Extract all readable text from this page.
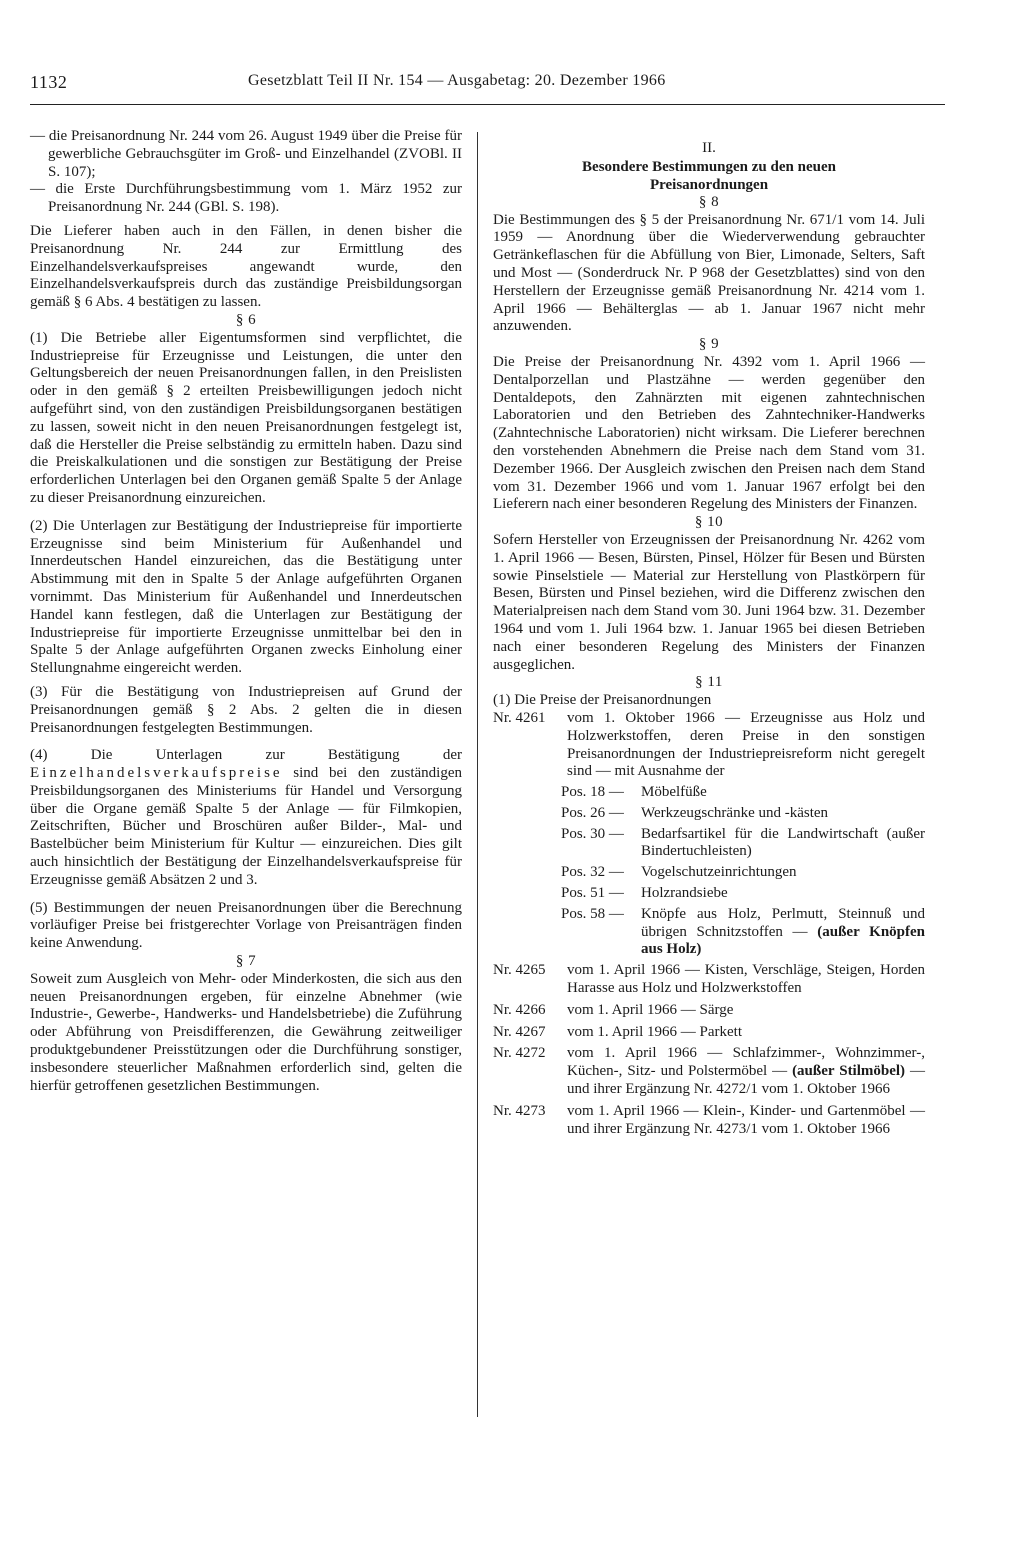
1132	Gesetzblatt Teil II Nr. 154 — Ausgabetag: 20. Dezember 1966

— die Preisanordnung Nr. 244 vom 26. August 1949 über die Preise für gewerbliche Gebrauchsgüter im Groß- und Einzelhandel (ZVOBl. II S. 107);

— die Erste Durchführungsbestimmung vom 1. März 1952 zur Preisanordnung Nr. 244 (GBl. S. 198).

Die Lieferer haben auch in den Fällen, in denen bisher die Preisanordnung Nr. 244 zur Ermittlung des Einzelhandelsverkaufspreises angewandt wurde, den Einzelhandelsverkaufspreis durch das zuständige Preisbildungsorgan gemäß § 6 Abs. 4 bestätigen zu lassen.

§ 6

(1) Die Betriebe aller Eigentumsformen sind verpflichtet, die Industriepreise für Erzeugnisse und Leistungen, die unter den Geltungsbereich der neuen Preisanordnungen fallen, in den Preislisten oder in den gemäß § 2 erteilten Preisbewilligungen jedoch nicht aufgeführt sind, von den zuständigen Preisbildungsorganen bestätigen zu lassen, soweit nicht in den neuen Preisanordnungen festgelegt ist, daß die Hersteller die Preise selbständig zu ermitteln haben. Dazu sind die Preiskalkulationen und die sonstigen zur Bestätigung der Preise erforderlichen Unterlagen bei den Organen gemäß Spalte 5 der Anlage zu dieser Preisanordnung einzureichen.

(2) Die Unterlagen zur Bestätigung der Industriepreise für importierte Erzeugnisse sind beim Ministerium für Außenhandel und Innerdeutschen Handel einzureichen, das die Bestätigung unter Abstimmung mit den in Spalte 5 der Anlage aufgeführten Organen vornimmt. Das Ministerium für Außenhandel und Innerdeutschen Handel kann festlegen, daß die Unterlagen zur Bestätigung der Industriepreise für importierte Erzeugnisse unmittelbar bei den in Spalte 5 der Anlage aufgeführten Organen zwecks Einholung einer Stellungnahme eingereicht werden.

(3) Für die Bestätigung von Industriepreisen auf Grund der Preisanordnungen gemäß § 2 Abs. 2 gelten die in diesen Preisanordnungen festgelegten Bestimmungen.

(4) Die Unterlagen zur Bestätigung der Einzelhandelsverkaufspreise sind bei den zuständigen Preisbildungsorganen des Ministeriums für Handel und Versorgung über die Organe gemäß Spalte 5 der Anlage — für Filmkopien, Zeitschriften, Bücher und Broschüren außer Bilder-, Mal- und Bastelbücher beim Ministerium für Kultur — einzureichen. Dies gilt auch hinsichtlich der Bestätigung der Einzelhandelsverkaufspreise für Erzeugnisse gemäß Absätzen 2 und 3.

(5) Bestimmungen der neuen Preisanordnungen über die Berechnung vorläufiger Preise bei fristgerechter Vorlage von Preisanträgen finden keine Anwendung.

§ 7

Soweit zum Ausgleich von Mehr- oder Minderkosten, die sich aus den neuen Preisanordnungen ergeben, für einzelne Abnehmer (wie Industrie-, Gewerbe-, Handwerks- und Handelsbetriebe) die Zuführung oder Abführung von Preisdifferenzen, die Gewährung zeitweiliger produktgebundener Preisstützungen oder die Durchführung sonstiger, insbesondere steuerlicher Maßnahmen erforderlich sind, gelten die hierfür getroffenen gesetzlichen Bestimmungen.

II.

Besondere Bestimmungen zu den neuen

Preisanordnungen

§ 8

Die Bestimmungen des § 5 der Preisanordnung Nr. 671/1 vom 14. Juli 1959 — Anordnung über die Wiederverwendung gebrauchter Getränkeflaschen für die Abfüllung von Bier, Limonade, Selters, Saft und Most — (Sonderdruck Nr. P 968 der Gesetzblattes) sind von den Herstellern der Erzeugnisse gemäß Preisanordnung Nr. 4214 vom 1. April 1966 — Behälterglas — ab 1. Januar 1967 nicht mehr anzuwenden.

§ 9

Die Preise der Preisanordnung Nr. 4392 vom 1. April 1966 — Dentalporzellan und Plastzähne — werden gegenüber den Dentaldepots, den Zahnärzten mit eigenen zahntechnischen Laboratorien und den Betrieben des Zahntechniker-Handwerks (Zahntechnische Laboratorien) nicht wirksam. Die Lieferer berechnen den vorstehenden Abnehmern die Preise nach dem Stand vom 31. Dezember 1966. Der Ausgleich zwischen den Preisen nach dem Stand vom 31. Dezember 1966 und vom 1. Januar 1967 erfolgt bei den Lieferern nach einer besonderen Regelung des Ministers der Finanzen.

§ 10

Sofern Hersteller von Erzeugnissen der Preisanordnung Nr. 4262 vom 1. April 1966 — Besen, Bürsten, Pinsel, Hölzer für Besen und Bürsten sowie Pinselstiele — Material zur Herstellung von Plastkörpern für Besen, Bürsten und Pinsel beziehen, wird die Differenz zwischen den Materialpreisen nach dem Stand vom 30. Juni 1964 bzw. 31. Dezember 1964 und vom 1. Juli 1964 bzw. 1. Januar 1965 bei diesen Betrieben nach einer besonderen Regelung des Ministers der Finanzen ausgeglichen.

§ 11

(1) Die Preise der Preisanordnungen

Nr. 4261	vom 1. Oktober 1966 — Erzeugnisse aus Holz und Holzwerkstoffen, deren Preise in den sonstigen Preisanordnungen der Industriepreisreform nicht geregelt sind — mit Ausnahme der
Pos. 18 —	Möbelfüße
Pos. 26 —	Werkzeugschränke und -kästen
Pos. 30 —	Bedarfsartikel für die Landwirtschaft (außer Bindertuchleisten)
Pos. 32 —	Vogelschutzeinrichtungen
Pos. 51 —	Holzrandsiebe
Pos. 58 —	Knöpfe aus Holz, Perlmutt, Steinnuß und übrigen Schnitzstoffen — (außer Knöpfen aus Holz)
Nr. 4265	vom 1. April 1966 — Kisten, Verschläge, Steigen, Horden Harasse aus Holz und Holzwerkstoffen
Nr. 4266	vom 1. April 1966 — Särge
Nr. 4267	vom 1. April 1966 — Parkett
Nr. 4272	vom 1. April 1966 — Schlafzimmer-, Wohnzimmer-, Küchen-, Sitz- und Polstermöbel — (außer Stilmöbel) — und ihrer Ergänzung Nr. 4272/1 vom 1. Oktober 1966
Nr. 4273	vom 1. April 1966 — Klein-, Kinder- und Gartenmöbel — und ihrer Ergänzung Nr. 4273/1 vom 1. Oktober 1966
